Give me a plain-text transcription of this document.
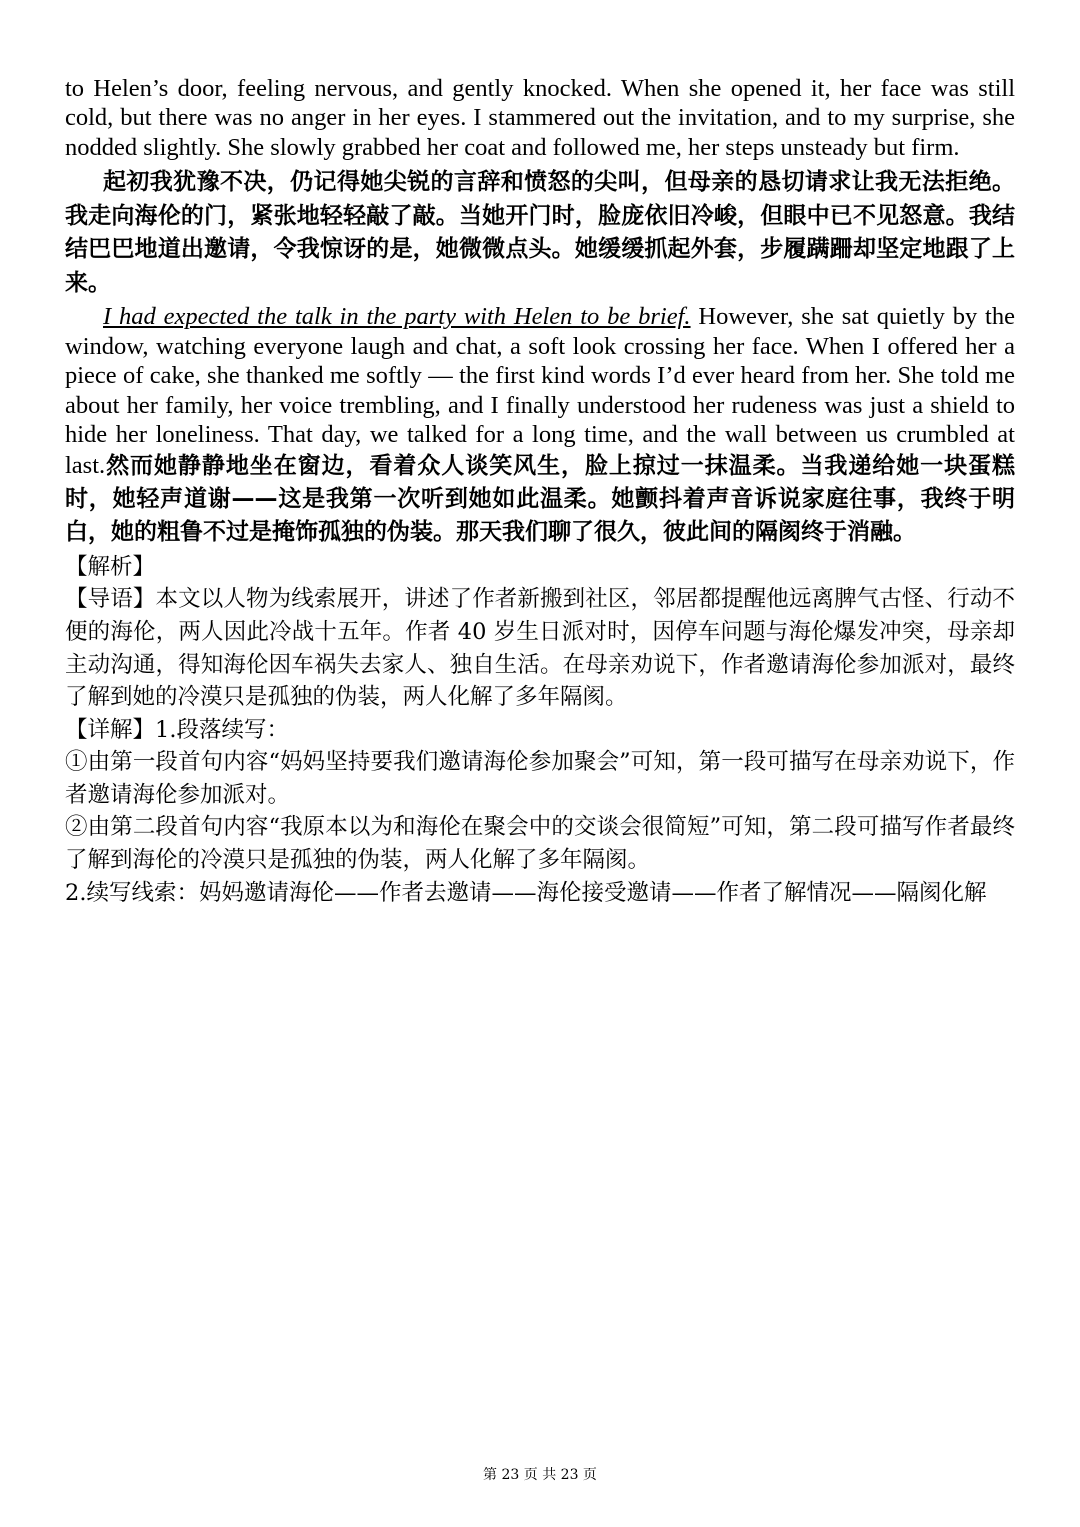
to Helen’s door, feeling nervous, and gently knocked. When she opened it, her face was still cold, but there was no anger in her eyes. I stammered out the invitation, and to my surprise, she nodded slightly. She slowly grabbed her coat and followed me, her steps unsteady but firm.

起初我犹豫不决，仍记得她尖锐的言辞和愤怒的尖叫，但母亲的恳切请求让我无法拒绝。我走向海伦的门，紧张地轻轻敲了敲。当她开门时，脸庞依旧冷峻，但眼中已不见怒意。我结结巴巴地道出邀请，令我惊讶的是，她微微点头。她缓缓抓起外套，步履蹒跚却坚定地跟了上来。

I had expected the talk in the party with Helen to be brief. However, she sat quietly by the window, watching everyone laugh and chat, a soft look crossing her face. When I offered her a piece of cake, she thanked me softly — the first kind words I’d ever heard from her. She told me about her family, her voice trembling, and I finally understood her rudeness was just a shield to hide her loneliness. That day, we talked for a long time, and the wall between us crumbled at last.然而她静静地坐在窗边，看着众人谈笑风生，脸上掠过一抹温柔。当我递给她一块蛋糕时，她轻声道谢——这是我第一次听到她如此温柔。她颤抖着声音诉说家庭往事，我终于明白，她的粗鲁不过是掩饰孤独的伪装。那天我们聊了很久，彼此间的隔阂终于消融。

【解析】

【导语】本文以人物为线索展开，讲述了作者新搬到社区，邻居都提醒他远离脾气古怪、行动不便的海伦，两人因此冷战十五年。作者 40 岁生日派对时，因停车问题与海伦爆发冲突，母亲却主动沟通，得知海伦因车祸失去家人、独自生活。在母亲劝说下，作者邀请海伦参加派对，最终了解到她的冷漠只是孤独的伪装，两人化解了多年隔阂。

【详解】1.段落续写：

①由第一段首句内容“妈妈坚持要我们邀请海伦参加聚会”可知，第一段可描写在母亲劝说下，作者邀请海伦参加派对。

②由第二段首句内容“我原本以为和海伦在聚会中的交谈会很简短”可知，第二段可描写作者最终了解到海伦的冷漠只是孤独的伪装，两人化解了多年隔阂。

2.续写线索：妈妈邀请海伦——作者去邀请——海伦接受邀请——作者了解情况——隔阂化解

第 23 页 共 23 页
